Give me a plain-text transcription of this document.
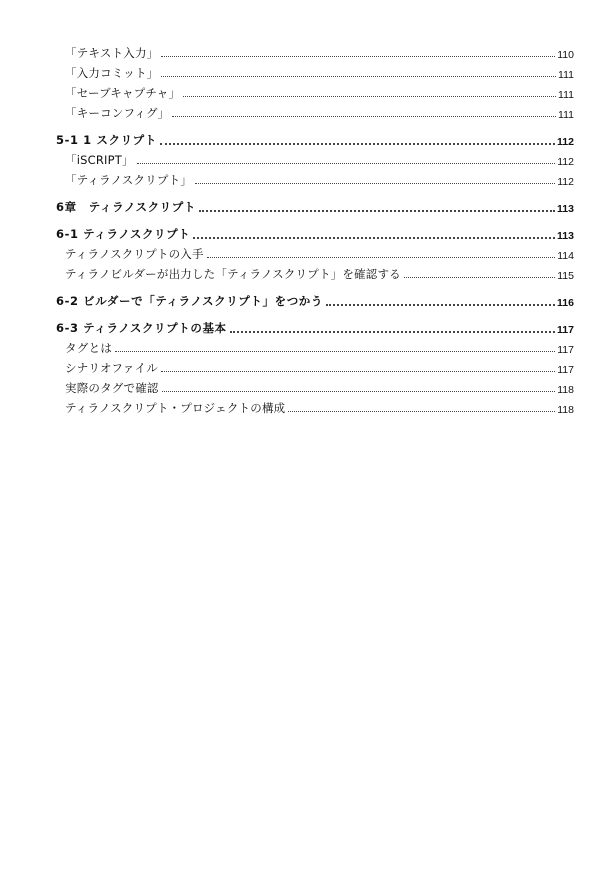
「テキスト入力」	110
「入力コミット」	111
「セーブキャプチャ」	111
「キーコンフィグ」	111
5-1 1 スクリプト	112
「iSCRIPT」	112
「ティラノスクリプト」	112
6章　ティラノスクリプト	113
6-1 ティラノスクリプト	113
ティラノスクリプトの入手	114
ティラノビルダーが出力した「ティラノスクリプト」を確認する	115
6-2 ビルダーで「ティラノスクリプト」をつかう	116
6-3 ティラノスクリプトの基本	117
タグとは	117
シナリオファイル	117
実際のタグで確認	118
ティラノスクリプト・プロジェクトの構成	118
